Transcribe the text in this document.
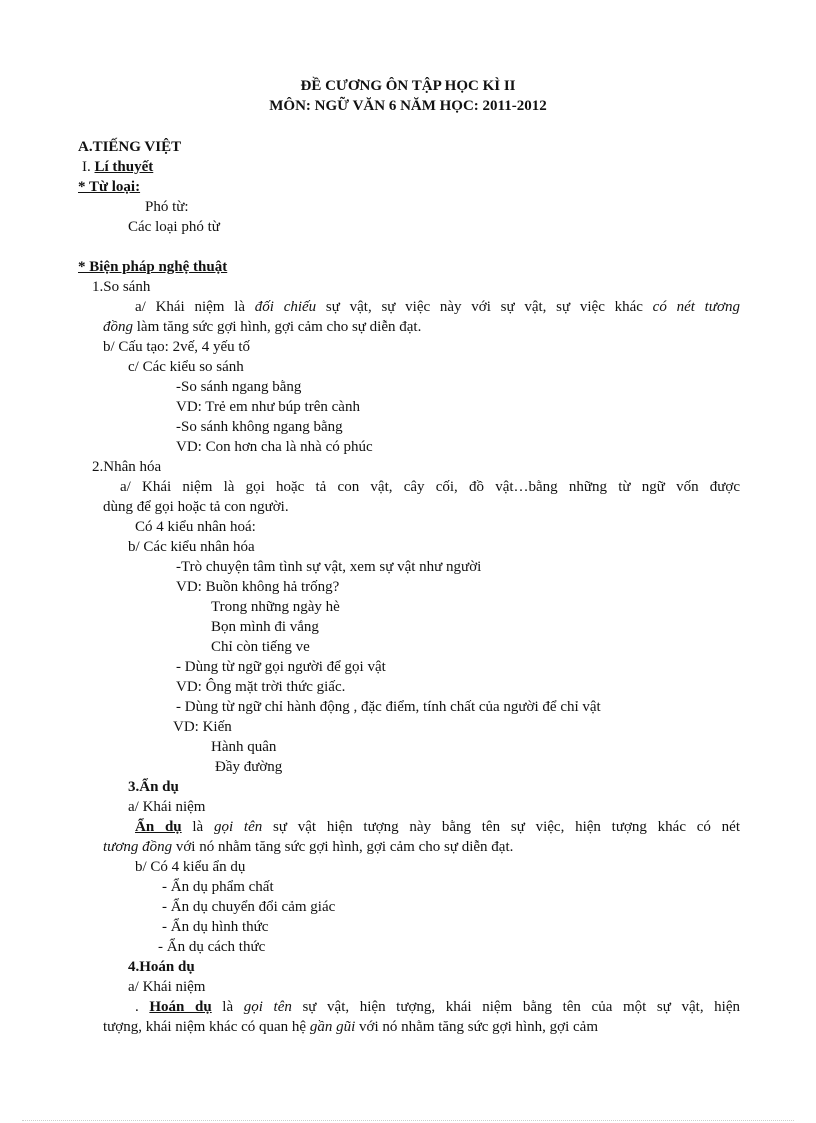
ĐỀ CƯƠNG ÔN TẬP HỌC KÌ II
MÔN: NGỮ VĂN 6 NĂM HỌC: 2011-2012
A.TIẾNG VIỆT
I. Lí thuyết
* Từ loại:
Phó từ:
Các loại phó từ
* Biện pháp nghệ thuật
1.So sánh
a/ Khái niệm là đối chiếu sự vật, sự việc này với sự vật, sự việc khác có nét tương
đồng làm tăng sức gợi hình, gợi cảm cho sự diễn đạt.
b/ Cấu tạo: 2vế, 4 yếu tố
c/ Các kiểu so sánh
-So sánh ngang bằng
VD: Trẻ em như búp trên cành
-So sánh không ngang bằng
VD: Con hơn cha là nhà có phúc
2.Nhân hóa
a/ Khái niệm là gọi hoặc tả con vật, cây cối, đồ vật…bằng những từ ngữ vốn được
dùng để gọi hoặc tả con người.
Có 4 kiểu nhân hoá:
b/ Các kiểu nhân hóa
-Trò chuyện tâm tình sự vật, xem sự vật như người
VD: Buồn không hả trống?
Trong những ngày hè
Bọn mình đi vắng
Chỉ còn tiếng ve
- Dùng từ ngữ gọi người để gọi vật
VD: Ông mặt trời thức giấc.
- Dùng từ ngữ chỉ hành động , đặc điểm, tính chất của người để chỉ vật
VD: Kiến
Hành quân
Đầy đường
3.Ẩn dụ
a/ Khái niệm
Ẩn dụ là gọi tên sự vật hiện tượng này bằng tên sự việc, hiện tượng khác có nét
tương đồng với nó nhằm tăng sức gợi hình, gợi cảm cho sự diễn đạt.
b/ Có 4 kiểu ẩn dụ
- Ẩn dụ phẩm chất
- Ẩn dụ chuyển đổi cảm giác
- Ẩn dụ hình thức
- Ẩn dụ cách thức
4.Hoán dụ
a/ Khái niệm
. Hoán dụ là gọi tên sự vật, hiện tượng, khái niệm bằng tên của một sự vật, hiện
tượng, khái niệm khác có quan hệ gần gũi với nó nhằm tăng sức gợi hình, gợi cảm
